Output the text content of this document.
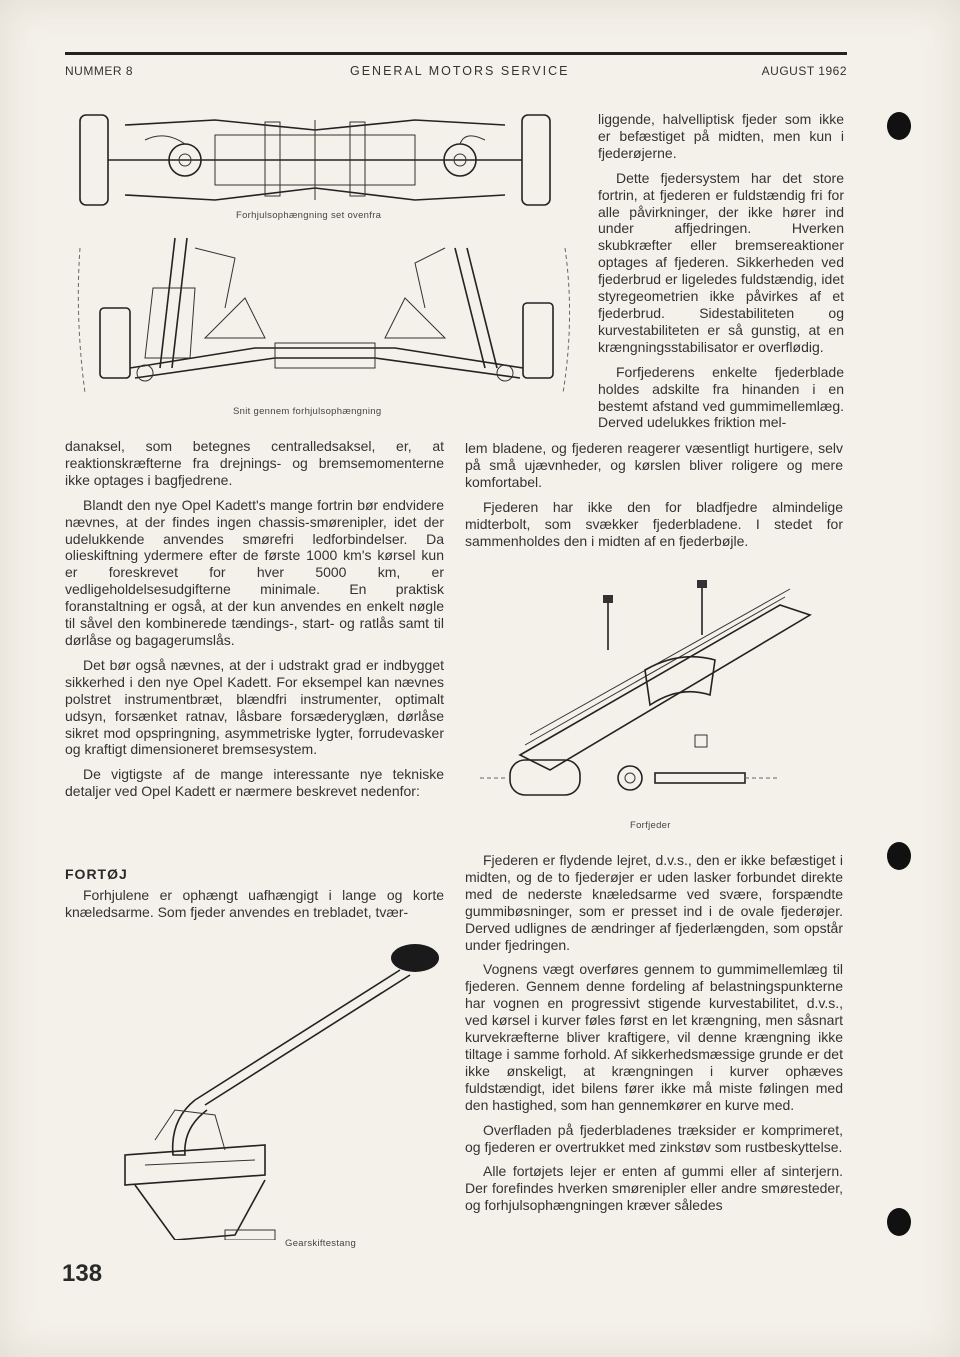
NUMMER 8	GENERAL MOTORS SERVICE	AUGUST 1962
Forhjulsophængning set ovenfra
Snit gennem forhjulsophængning

danaksel, som betegnes centralledsaksel, er, at reaktionskræfterne fra drejnings- og bremsemomenterne ikke optages i bagfjedrene.

Blandt den nye Opel Kadett's mange fortrin bør endvidere nævnes, at der findes ingen chassis-smørenipler, idet der udelukkende anvendes smørefri ledforbindelser. Da olieskiftning ydermere efter de første 1000 km's kørsel kun er foreskrevet for hver 5000 km, er vedligeholdelsesudgifterne minimale. En praktisk foranstaltning er også, at der kun anvendes en enkelt nøgle til såvel den kombinerede tændings-, start- og ratlås samt til dørlåse og bagagerumslås.

Det bør også nævnes, at der i udstrakt grad er indbygget sikkerhed i den nye Opel Kadett. For eksempel kan nævnes polstret instrumentbræt, blændfri instrumenter, optimalt udsyn, forsænket ratnav, låsbare forsæderyglæn, dørlåse sikret mod opspringning, asymmetriske lygter, forrudevasker og kraftigt dimensioneret bremsesystem.

De vigtigste af de mange interessante nye tekniske detaljer ved Opel Kadett er nærmere beskrevet nedenfor:

FORTØJ

Forhjulene er ophængt uafhængigt i lange og korte knæledsarme. Som fjeder anvendes en trebladet, tvær-

Gearskiftestang

liggende, halvelliptisk fjeder som ikke er befæstiget på midten, men kun i fjederøjerne.

Dette fjedersystem har det store fortrin, at fjederen er fuldstændig fri for alle påvirkninger, der ikke hører ind under affjedringen. Hverken skubkræfter eller bremsereaktioner optages af fjederen. Sikkerheden ved fjederbrud er ligeledes fuldstændig, idet styregeometrien ikke påvirkes af et fjederbrud. Sidestabiliteten og kurvestabiliteten er så gunstig, at en krængningsstabilisator er overflødig.

Forfjederens enkelte fjederblade holdes adskilte fra hinanden i en bestemt afstand ved gummimellemlæg. Derved udelukkes friktion mel-

lem bladene, og fjederen reagerer væsentligt hurtigere, selv på små ujævnheder, og kørslen bliver roligere og mere komfortabel.

Fjederen har ikke den for bladfjedre almindelige midterbolt, som svækker fjederbladene. I stedet for sammenholdes den i midten af en fjederbøjle.

Forfjeder

Fjederen er flydende lejret, d.v.s., den er ikke befæstiget i midten, og de to fjederøjer er uden lasker forbundet direkte med de nederste knæledsarme ved svære, forspændte gummibøsninger, som er presset ind i de ovale fjederøjer. Derved udlignes de ændringer af fjederlængden, som opstår under fjedringen.

Vognens vægt overføres gennem to gummimellemlæg til fjederen. Gennem denne fordeling af belastningspunkterne har vognen en progressivt stigende kurvestabilitet, d.v.s., ved kørsel i kurver føles først en let krængning, men såsnart kurvekræfterne bliver kraftigere, vil denne krængning ikke tiltage i samme forhold. Af sikkerhedsmæssige grunde er det ikke ønskeligt, at krængningen i kurver ophæves fuldstændigt, idet bilens fører ikke må miste følingen med den hastighed, som han gennemkører en kurve med.

Overfladen på fjederbladenes træksider er komprimeret, og fjederen er overtrukket med zinkstøv som rustbeskyttelse.

Alle fortøjets lejer er enten af gummi eller af sinterjern. Der forefindes hverken smørenipler eller andre smøresteder, og forhjulsophængningen kræver således

138
